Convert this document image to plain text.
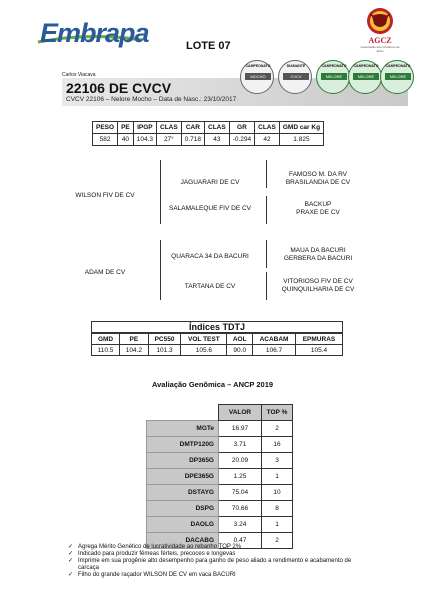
Embrapa	AGCZ
Associação dos Criadores de Zebu
LOTE 07
Carlos Viacava
22106 DE CVCV
CVCV 22106 – Nelore Mocho – Data de Nasc.: 23/10/2017
CAMPEONATO
MOCHO
DIAMANTE
CVCV
CAMPEONATO
NELORE
CAMPEONATO
NELORE
CAMPEONATO
NELORE
PESO	PE	IPGP	CLAS	CAR	CLAS	GR	CLAS	GMD car Kg
582	40	104.3	27°	0.718	43	-0.294	42	1.825
WILSON FIV DE CV
JAGUARARI DE CV
SALAMALEQUE FIV DE CV
FAMOSO M. DA RV
BRASILANDIA DE CV
BACKUP
PRAXE DE CV
ADAM DE CV
QUARACA 34 DA BACURI
TARTANA DE CV
MAUA DA BACURI
GERBERA DA BACURI
VITORIOSO FIV DE CV
QUINQUILHARIA DE CV
Índices TDTJ
GMD	PE	PC550	VOL TEST	AOL	ACABAM	EPMURAS
110.5	104.2	101.3	105.6	90.0	106.7	105.4
Avaliação Genômica – ANCP 2019
	VALOR	TOP %
MGTe	16.97	2
DMTP120G	3.71	16
DP365G	20.09	3
DPE365G	1.25	1
DSTAYG	75.04	10
DSPG	70.66	8
DAOLG	3.24	1
DACABG	0.47	2
✓ Agrega Mérito Genético de lucratividade ao rebanho TOP 2%
✓ Indicado para produzir fêmeas férteis, precoces e longevas
✓ Imprime em sua progênie alto desempenho para ganho de peso aliado a rendimento e acabamento de carcaça
✓ Filho do grande raçador WILSON DE CV em vaca BACURI
